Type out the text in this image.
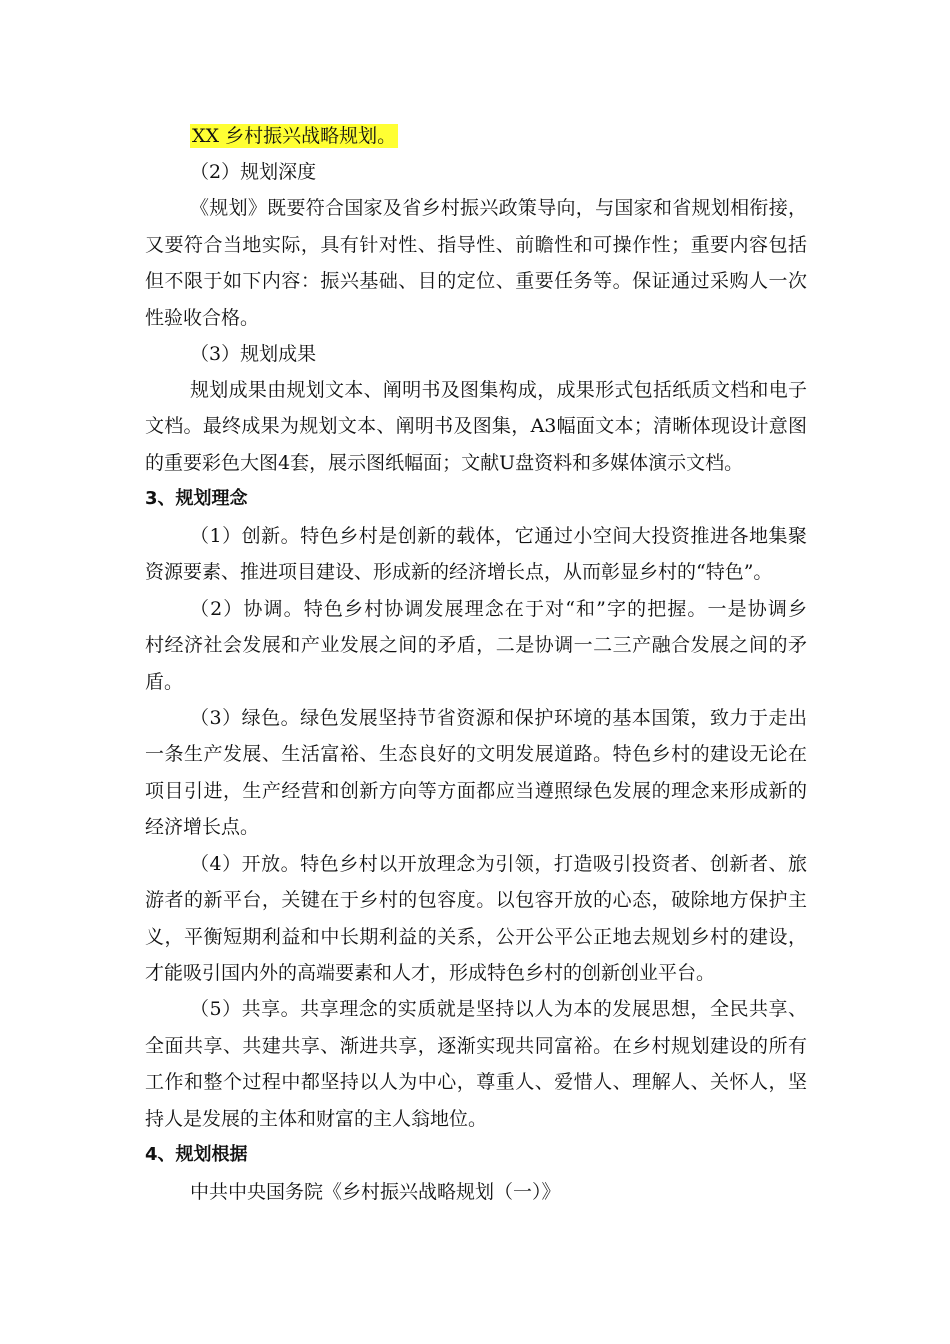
XX 乡村振兴战略规划。
（2）规划深度
《规划》既要符合国家及省乡村振兴政策导向，与国家和省规划相衔接，
又要符合当地实际，具有针对性、指导性、前瞻性和可操作性；重要内容包括
但不限于如下内容：振兴基础、目的定位、重要任务等。保证通过采购人一次
性验收合格。
（3）规划成果
规划成果由规划文本、阐明书及图集构成，成果形式包括纸质文档和电子
文档。最终成果为规划文本、阐明书及图集，A3幅面文本；清晰体现设计意图
的重要彩色大图4套，展示图纸幅面；文献U盘资料和多媒体演示文档。
3、规划理念
（1）创新。特色乡村是创新的载体，它通过小空间大投资推进各地集聚
资源要素、推进项目建设、形成新的经济增长点，从而彰显乡村的“特色”。
（2）协调。特色乡村协调发展理念在于对“和”字的把握。一是协调乡
村经济社会发展和产业发展之间的矛盾，二是协调一二三产融合发展之间的矛
盾。
（3）绿色。绿色发展坚持节省资源和保护环境的基本国策，致力于走出
一条生产发展、生活富裕、生态良好的文明发展道路。特色乡村的建设无论在
项目引进，生产经营和创新方向等方面都应当遵照绿色发展的理念来形成新的
经济增长点。
（4）开放。特色乡村以开放理念为引领，打造吸引投资者、创新者、旅
游者的新平台，关键在于乡村的包容度。以包容开放的心态，破除地方保护主
义，平衡短期利益和中长期利益的关系，公开公平公正地去规划乡村的建设，
才能吸引国内外的高端要素和人才，形成特色乡村的创新创业平台。
（5）共享。共享理念的实质就是坚持以人为本的发展思想，全民共享、
全面共享、共建共享、渐进共享，逐渐实现共同富裕。在乡村规划建设的所有
工作和整个过程中都坚持以人为中心，尊重人、爱惜人、理解人、关怀人，坚
持人是发展的主体和财富的主人翁地位。
4、规划根据
中共中央国务院《乡村振兴战略规划（一）》
